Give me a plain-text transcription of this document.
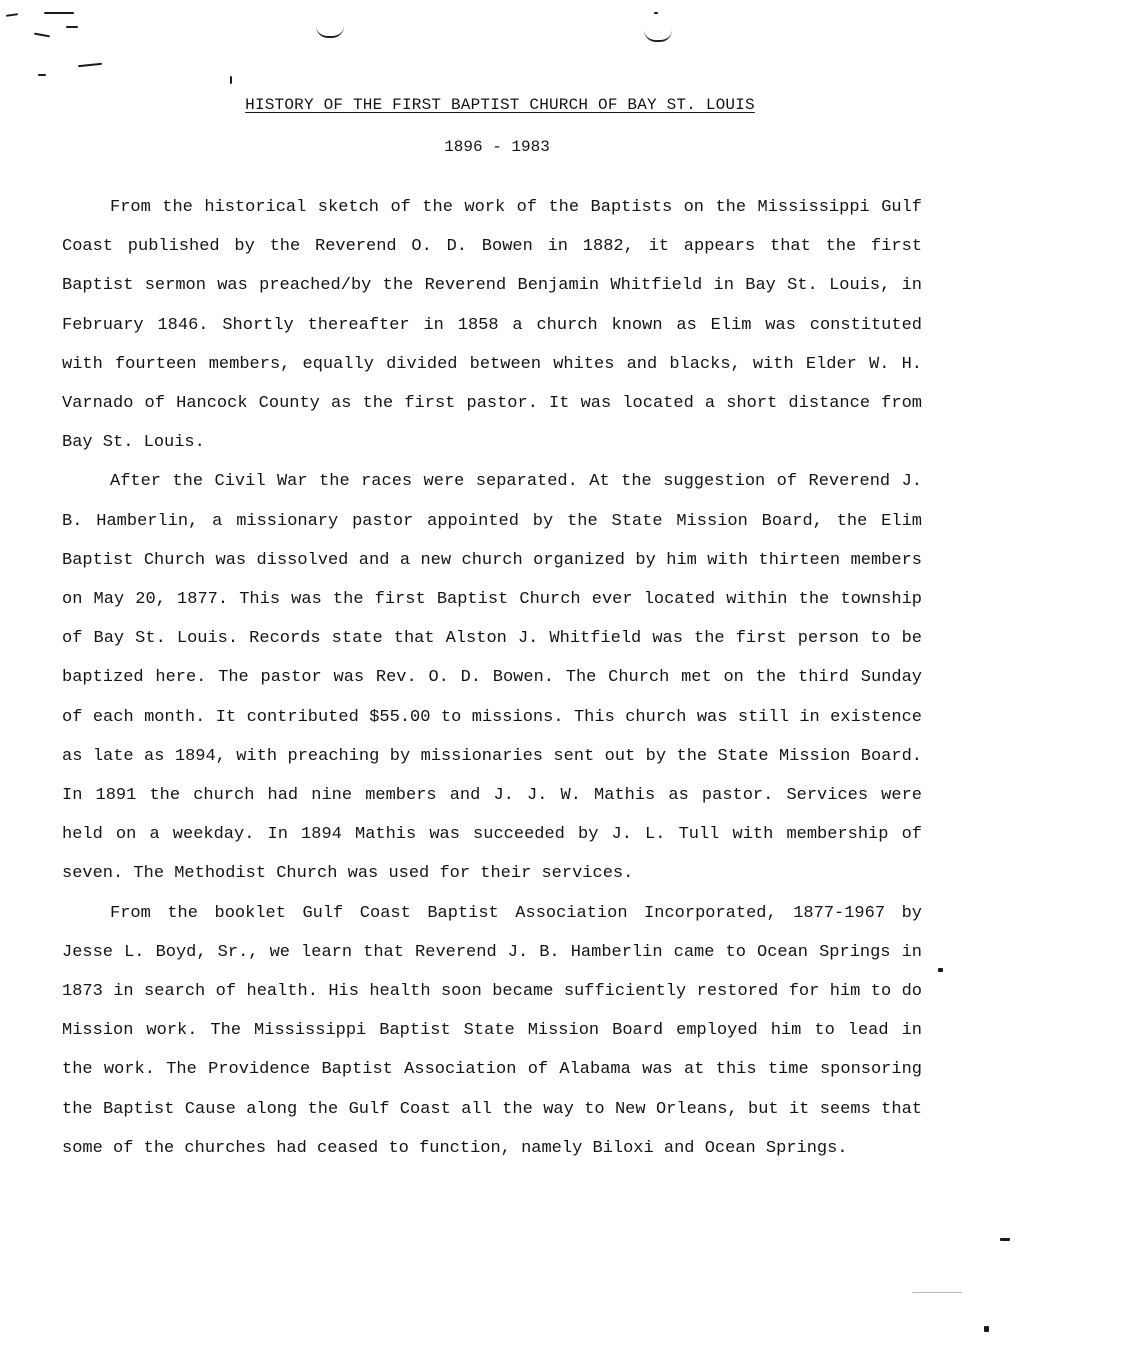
HISTORY OF THE FIRST BAPTIST CHURCH OF BAY ST. LOUIS
1896 - 1983

From the historical sketch of the work of the Baptists on the Mississippi Gulf Coast published by the Reverend O. D. Bowen in 1882, it appears that the first Baptist sermon was preached/by the Reverend Benjamin Whitfield in Bay St. Louis, in February 1846. Shortly thereafter in 1858 a church known as Elim was constituted with fourteen members, equally divided between whites and blacks, with Elder W. H. Varnado of Hancock County as the first pastor. It was located a short distance from Bay St. Louis.

After the Civil War the races were separated. At the suggestion of Reverend J. B. Hamberlin, a missionary pastor appointed by the State Mission Board, the Elim Baptist Church was dissolved and a new church organized by him with thirteen members on May 20, 1877. This was the first Baptist Church ever located within the township of Bay St. Louis. Records state that Alston J. Whitfield was the first person to be baptized here. The pastor was Rev. O. D. Bowen. The Church met on the third Sunday of each month. It contributed $55.00 to missions. This church was still in existence as late as 1894, with preaching by missionaries sent out by the State Mission Board. In 1891 the church had nine members and J. J. W. Mathis as pastor. Services were held on a weekday. In 1894 Mathis was succeeded by J. L. Tull with membership of seven. The Methodist Church was used for their services.

From the booklet Gulf Coast Baptist Association Incorporated, 1877-1967 by Jesse L. Boyd, Sr., we learn that Reverend J. B. Hamberlin came to Ocean Springs in 1873 in search of health. His health soon became sufficiently restored for him to do Mission work. The Mississippi Baptist State Mission Board employed him to lead in the work. The Providence Baptist Association of Alabama was at this time sponsoring the Baptist Cause along the Gulf Coast all the way to New Orleans, but it seems that some of the churches had ceased to function, namely Biloxi and Ocean Springs.
